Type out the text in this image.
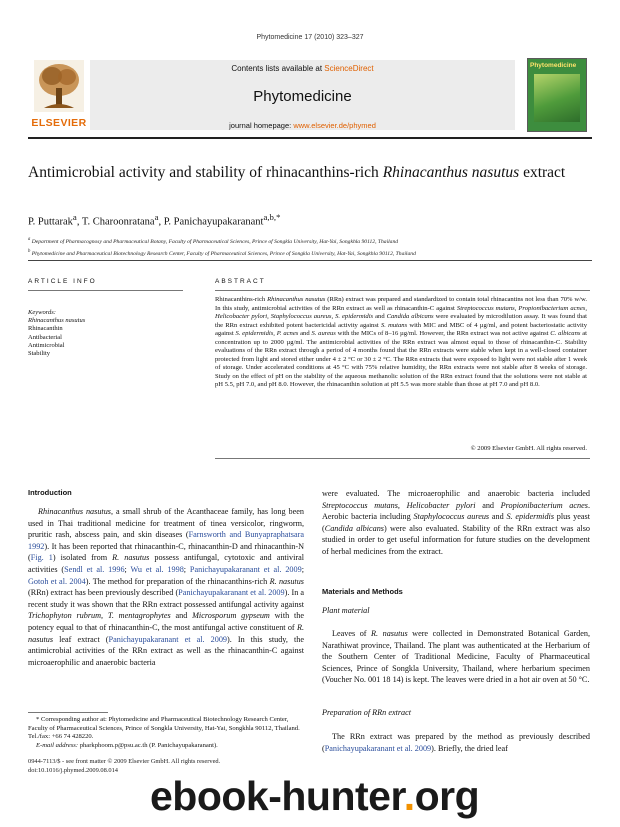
Phytomedicine 17 (2010) 323–327
ELSEVIER
Contents lists available at ScienceDirect
Phytomedicine
journal homepage: www.elsevier.de/phymed
Phytomedicine
Antimicrobial activity and stability of rhinacanthins-rich Rhinacanthus nasutus extract
P. Puttarak$^a$, T. Charoonratana$^a$, P. Panichayupakaranant$^{a,b,*}$
$^a$ Department of Pharmacognosy and Pharmaceutical Botany, Faculty of Pharmaceutical Sciences, Prince of Songkla University, Hat-Yai, Songkhla 90112, Thailand
$^b$ Phytomedicine and Pharmaceutical Biotechnology Research Center, Faculty of Pharmaceutical Sciences, Prince of Songkla University, Hat-Yai, Songkhla 90112, Thailand
ARTICLE INFO	ABSTRACT
Keywords:
Rhinacanthus nasutus
Rhinacanthin
Antibacterial
Antimicrobial
Stability

Rhinacanthins-rich Rhinacanthus nasutus (RRn) extract was prepared and standardized to contain total rhinacantins not less than 70% w/w. In this study, antimicrobial activities of the RRn extract as well as rhinacanthin-C against Streptococcus mutans, Propionibacterium acnes, Helicobacter pylori, Staphylococcus aureus, S. epidermidis and Candida albicans were evaluated by microdilution assay. It was found that the RRn extract exhibited potent bactericidal activity against S. mutans with MIC and MBC of 4 µg/ml, and potent bacteriostatic activity against S. epidermidis, P. acnes and S. aureus with the MICs of 8–16 µg/ml. However, the RRn extract was not active against C. albicans at concentration up to 2000 µg/ml. The antimicrobial activities of the RRn extract was almost equal to those of rhinacanthin-C. Stability evaluations of the RRn extract through a period of 4 months found that the RRn extracts were stable when kept in a well-closed container protected from light and stored either under 4 ± 2 °C or 30 ± 2 °C. The RRn extracts that were exposed to light were not stable after 1 week of storage. Under accelerated conditions at 45 °C with 75% relative humidity, the RRn extracts were not stable after 8 weeks of storage. Study on the effect of pH on the stability of the aqueous methanolic solution of the RRn extract found that the solutions were not stable at pH 5.5, pH 7.0, and pH 8.0. However, the rhinacanthin solution at pH 5.5 was more stable than those at pH 7.0 and pH 8.0.

© 2009 Elsevier GmbH. All rights reserved.
Introduction

Rhinacanthus nasutus, a small shrub of the Acanthaceae family, has long been used in Thai traditional medicine for treatment of tinea versicolor, ringworm, pruritic rash, abscess pain, and skin diseases (Farnsworth and Bunyapraphatsara 1992). It has been reported that rhinacanthin-C, rhinacanthin-D and rhinacanthin-N (Fig. 1) isolated from R. nasutus possess antifungal, cytotoxic and antiviral activities (Sendl et al. 1996; Wu et al. 1998; Panichayupakaranant et al. 2009; Gotoh et al. 2004). The method for preparation of the rhinacanthins-rich R. nasutus (RRn) extract has been previously described (Panichayupakaranant et al. 2009). In a recent study it was shown that the RRn extract possessed antifungal activity against Trichophyton rubrum, T. mentagrophytes and Microsporum gypseum with the potency equal to that of rhinacanthin-C, the most antifungal active constituent of R. nasutus leaf extract (Panichayupakaranant et al. 2009). In this study, the antimicrobial activities of the RRn extract as well as the rhinacanthin-C against microaerophilic and anaerobic bacteria

were evaluated. The microaerophilic and anaerobic bacteria included Streptococcus mutans, Helicobacter pylori and Propionibacterium acnes. Aerobic bacteria including Staphylococcus aureus and S. epidermidis plus yeast (Candida albicans) were also evaluated. Stability of the RRn extract was also studied in order to get useful information for future studies on the development of herbal medicines from the extract.

Materials and Methods
Plant material

Leaves of R. nasutus were collected in Demonstrated Botanical Garden, Narathiwat province, Thailand. The plant was authenticated at the Herbarium of the Southern Center of Traditional Medicine, Faculty of Pharmaceutical Sciences, Prince of Songkla University, Thailand, where herbarium specimen (Voucher No. 001 18 14) is kept. The leaves were dried in a hot air oven at 50 °C.

Preparation of RRn extract

The RRn extract was prepared by the method as previously described (Panichayupakaranant et al. 2009). Briefly, the dried leaf

* Corresponding author at: Phytomedicine and Pharmaceutical Biotechnology Research Center, Faculty of Pharmaceutical Sciences, Prince of Songkla University, Hat-Yai, Songkhla 90112, Thailand. Tel./fax: +66 74 428220.

E-mail address: pharkphoom.p@psu.ac.th (P. Panichayupakaranant).

0944-7113/$ - see front matter © 2009 Elsevier GmbH. All rights reserved.
doi:10.1016/j.phymed.2009.08.014
ebook-hunter.org
